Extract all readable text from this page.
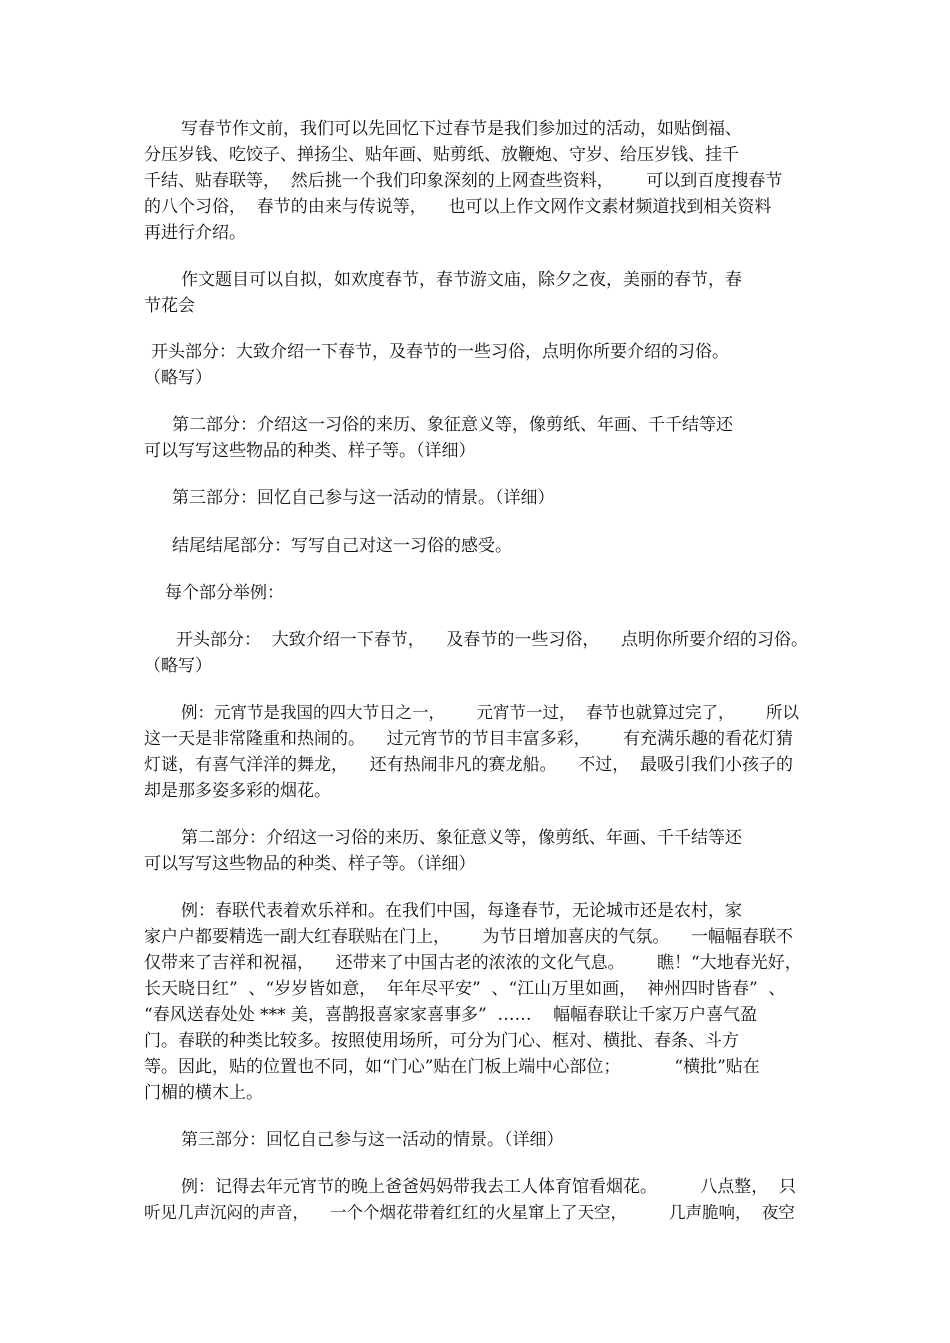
写春节作文前，我们可以先回忆下过春节是我们参加过的活动，如贴倒福、
分压岁钱、吃饺子、掸扬尘、贴年画、贴剪纸、放鞭炮、守岁、给压岁钱、挂千
千结、贴春联等，  然后挑一个我们印象深刻的上网查些资料，      可以到百度搜春节
的八个习俗，  春节的由来与传说等，    也可以上作文网作文素材频道找到相关资料
再进行介绍。
作文题目可以自拟，如欢度春节，春节游文庙，除夕之夜，美丽的春节，春
节花会
开头部分：大致介绍一下春节，及春节的一些习俗，点明你所要介绍的习俗。
（略写）
第二部分：介绍这一习俗的来历、象征意义等，像剪纸、年画、千千结等还
可以写写这些物品的种类、样子等。（详细）
第三部分：回忆自己参与这一活动的情景。（详细）
结尾结尾部分：写写自己对这一习俗的感受。
每个部分举例：
开头部分：  大致介绍一下春节，    及春节的一些习俗，    点明你所要介绍的习俗。
（略写）
例：元宵节是我国的四大节日之一，      元宵节一过，  春节也就算过完了，      所以
这一天是非常隆重和热闹的。    过元宵节的节目丰富多彩，      有充满乐趣的看花灯猜
灯谜，有喜气洋洋的舞龙，    还有热闹非凡的赛龙船。    不过，  最吸引我们小孩子的
却是那多姿多彩的烟花。
第二部分：介绍这一习俗的来历、象征意义等，像剪纸、年画、千千结等还
可以写写这些物品的种类、样子等。（详细）
例：春联代表着欢乐祥和。在我们中国，每逢春节，无论城市还是农村，家
家户户都要精选一副大红春联贴在门上，      为节日增加喜庆的气氛。    一幅幅春联不
仅带来了吉祥和祝福，    还带来了中国古老的浓浓的文化气息。      瞧！“大地春光好，
长天晓日红”  、“岁岁皆如意，  年年尽平安”  、“江山万里如画，  神州四时皆春”  、
“春风送春处处 *** 美，喜鹊报喜家家喜事多”  ……    幅幅春联让千家万户喜气盈
门。春联的种类比较多。按照使用场所，可分为门心、框对、横批、春条、斗方
等。因此，贴的位置也不同，如“门心”贴在门板上端中心部位；          “横批”贴在
门楣的横木上。
第三部分：回忆自己参与这一活动的情景。（详细）
例：记得去年元宵节的晚上爸爸妈妈带我去工人体育馆看烟花。        八点整，  只
听见几声沉闷的声音，    一个个烟花带着红红的火星窜上了天空，        几声脆响，  夜空
